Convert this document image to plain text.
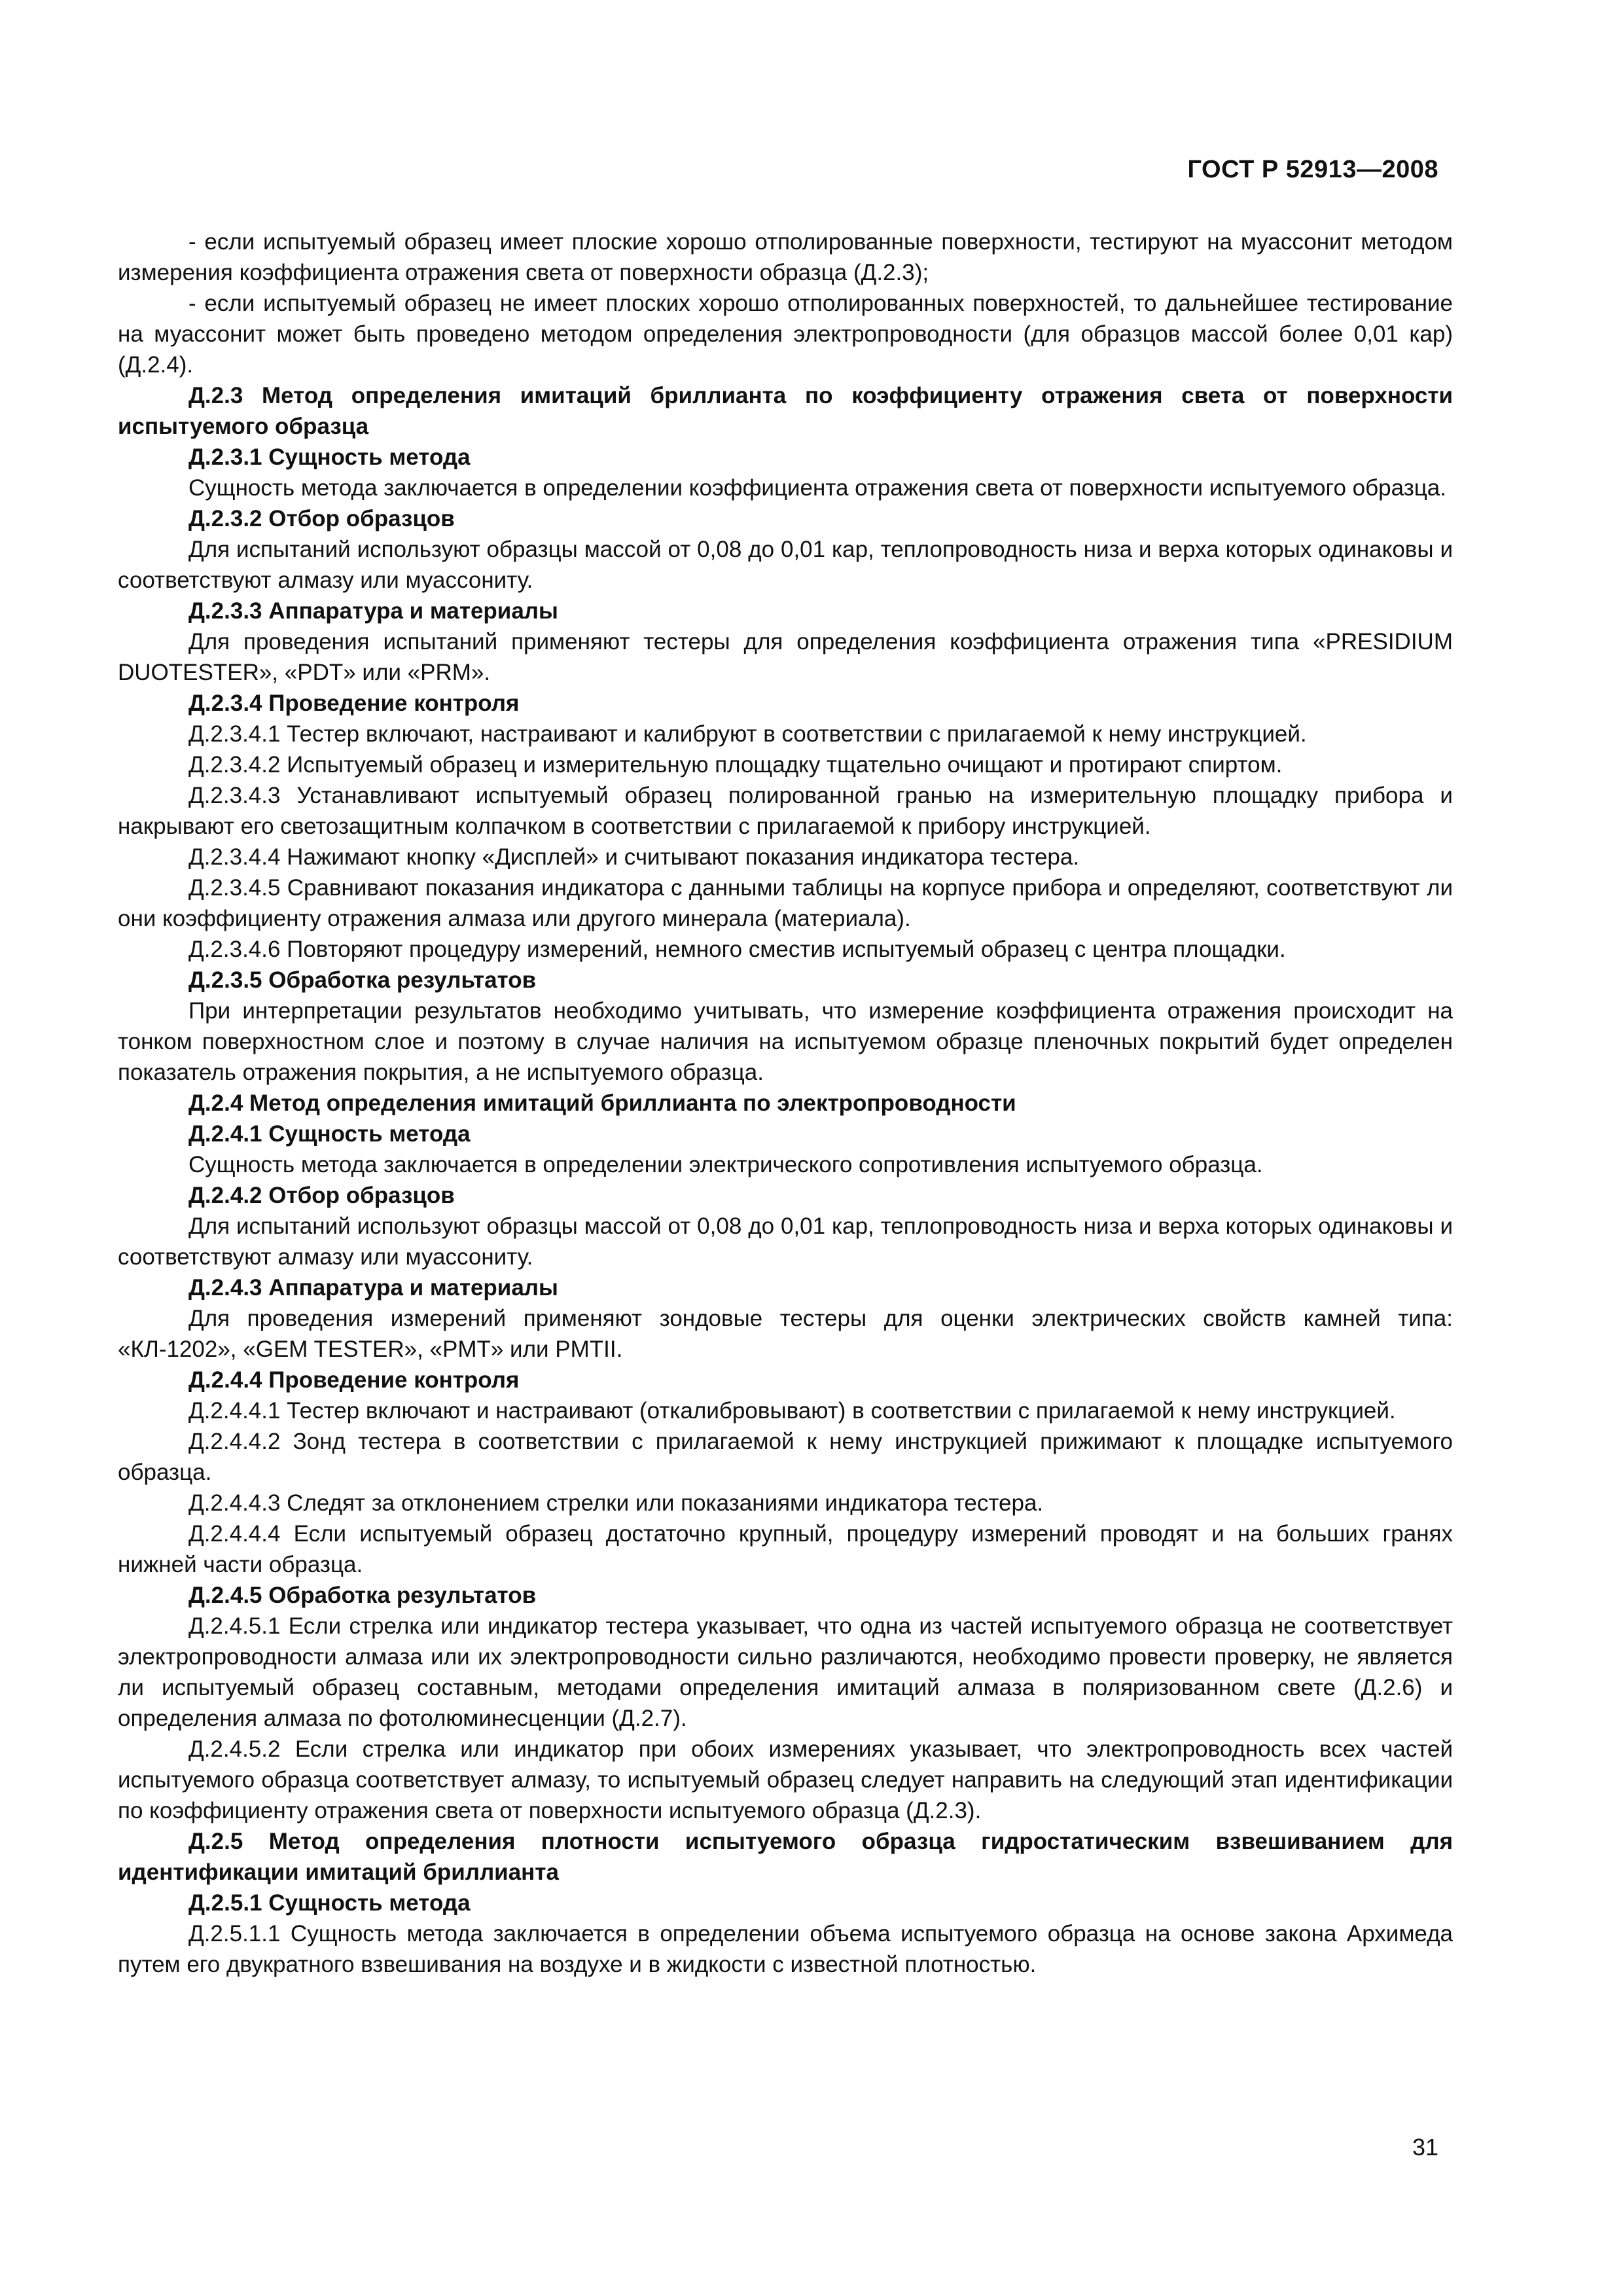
ГОСТ Р 52913—2008

- если испытуемый образец имеет плоские хорошо отполированные поверхности, тестируют на муассонит методом измерения коэффициента отражения света от поверхности образца (Д.2.3);

- если испытуемый образец не имеет плоских хорошо отполированных поверхностей, то дальнейшее тестирование на муассонит может быть проведено методом определения электропроводности (для образцов массой более 0,01 кар) (Д.2.4).

Д.2.3 Метод определения имитаций бриллианта по коэффициенту отражения света от поверхности испытуемого образца

Д.2.3.1 Сущность метода

Сущность метода заключается в определении коэффициента отражения света от поверхности испытуемого образца.

Д.2.3.2 Отбор образцов

Для испытаний используют образцы массой от 0,08 до 0,01 кар, теплопроводность низа и верха которых одинаковы и соответствуют алмазу или муассониту.

Д.2.3.3 Аппаратура и материалы

Для проведения испытаний применяют тестеры для определения коэффициента отражения типа «PRESIDIUM DUOTESTER», «PDT» или «PRM».

Д.2.3.4 Проведение контроля

Д.2.3.4.1 Тестер включают, настраивают и калибруют в соответствии с прилагаемой к нему инструкцией.

Д.2.3.4.2 Испытуемый образец и измерительную площадку тщательно очищают и протирают спиртом.

Д.2.3.4.3 Устанавливают испытуемый образец полированной гранью на измерительную площадку прибора и накрывают его светозащитным колпачком в соответствии с прилагаемой к прибору инструкцией.

Д.2.3.4.4 Нажимают кнопку «Дисплей» и считывают показания индикатора тестера.

Д.2.3.4.5 Сравнивают показания индикатора с данными таблицы на корпусе прибора и определяют, соответствуют ли они коэффициенту отражения алмаза или другого минерала (материала).

Д.2.3.4.6 Повторяют процедуру измерений, немного сместив испытуемый образец с центра площадки.

Д.2.3.5 Обработка результатов

При интерпретации результатов необходимо учитывать, что измерение коэффициента отражения происходит на тонком поверхностном слое и поэтому в случае наличия на испытуемом образце пленочных покрытий будет определен показатель отражения покрытия, а не испытуемого образца.

Д.2.4 Метод определения имитаций бриллианта по электропроводности

Д.2.4.1 Сущность метода

Сущность метода заключается в определении электрического сопротивления испытуемого образца.

Д.2.4.2 Отбор образцов

Для испытаний используют образцы массой от 0,08 до 0,01 кар, теплопроводность низа и верха которых одинаковы и соответствуют алмазу или муассониту.

Д.2.4.3 Аппаратура и материалы

Для проведения измерений применяют зондовые тестеры для оценки электрических свойств камней типа: «КЛ-1202», «GEM TESTER», «PMT» или PMTII.

Д.2.4.4 Проведение контроля

Д.2.4.4.1 Тестер включают и настраивают (откалибровывают) в соответствии с прилагаемой к нему инструкцией.

Д.2.4.4.2 Зонд тестера в соответствии с прилагаемой к нему инструкцией прижимают к площадке испытуемого образца.

Д.2.4.4.3 Следят за отклонением стрелки или показаниями индикатора тестера.

Д.2.4.4.4 Если испытуемый образец достаточно крупный, процедуру измерений проводят и на больших гранях нижней части образца.

Д.2.4.5 Обработка результатов

Д.2.4.5.1 Если стрелка или индикатор тестера указывает, что одна из частей испытуемого образца не соответствует электропроводности алмаза или их электропроводности сильно различаются, необходимо провести проверку, не является ли испытуемый образец составным, методами определения имитаций алмаза в поляризованном свете (Д.2.6) и определения алмаза по фотолюминесценции (Д.2.7).

Д.2.4.5.2 Если стрелка или индикатор при обоих измерениях указывает, что электропроводность всех частей испытуемого образца соответствует алмазу, то испытуемый образец следует направить на следующий этап идентификации по коэффициенту отражения света от поверхности испытуемого образца (Д.2.3).

Д.2.5 Метод определения плотности испытуемого образца гидростатическим взвешиванием для идентификации имитаций бриллианта

Д.2.5.1 Сущность метода

Д.2.5.1.1 Сущность метода заключается в определении объема испытуемого образца на основе закона Архимеда путем его двукратного взвешивания на воздухе и в жидкости с известной плотностью.

31
